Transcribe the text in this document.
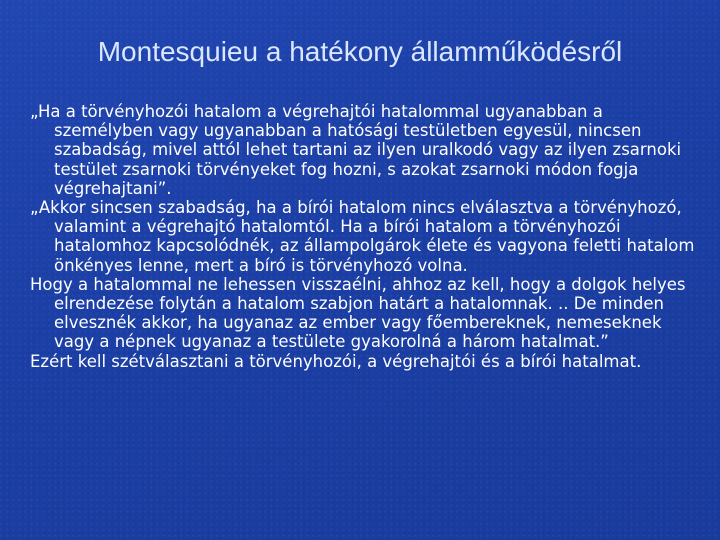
Montesquieu a hatékony államműködésről

„Ha a törvényhozói hatalom a végrehajtói hatalommal ugyanabban a személyben vagy ugyanabban a hatósági testületben egyesül, nincsen szabadság, mivel attól lehet tartani az ilyen uralkodó vagy az ilyen zsarnoki testület zsarnoki törvényeket fog hozni, s azokat zsarnoki módon fogja végrehajtani”.

„Akkor sincsen szabadság, ha a bírói hatalom nincs elválasztva a törvényhozó, valamint a végrehajtó hatalomtól. Ha a bírói hatalom a törvényhozói hatalomhoz kapcsolódnék, az állampolgárok élete és vagyona feletti hatalom önkényes lenne, mert a bíró is törvényhozó volna.

Hogy a hatalommal ne lehessen visszaélni, ahhoz az kell, hogy a dolgok helyes elrendezése folytán a hatalom szabjon határt a hatalomnak. .. De minden elvesznék akkor, ha ugyanaz az ember vagy főembereknek, nemeseknek vagy a népnek ugyanaz a testülete gyakorolná a három hatalmat.”

Ezért kell szétválasztani a törvényhozói, a végrehajtói és a bírói hatalmat.
